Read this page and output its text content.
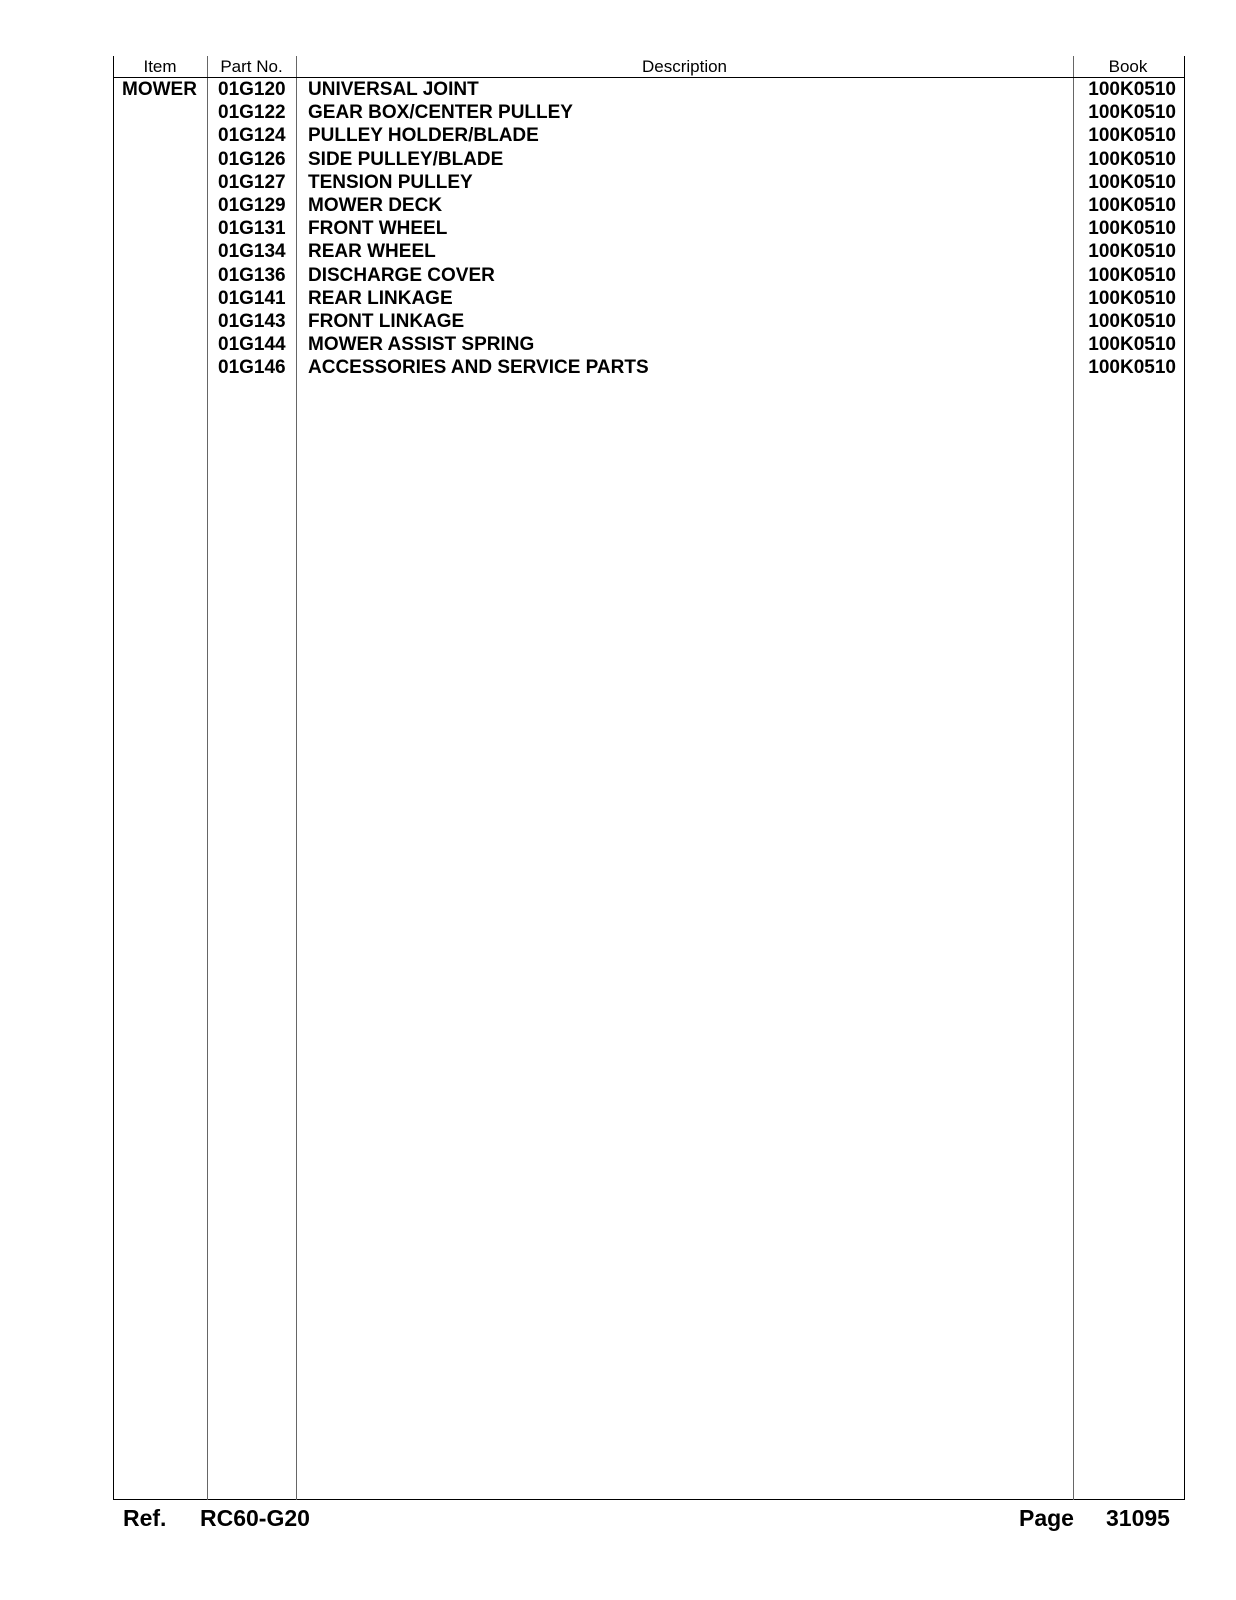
Item	Part No.	Description	Book
MOWER 01G120 UNIVERSAL JOINT	100K0510
01G122 GEAR BOX/CENTER PULLEY	100K0510
01G124 PULLEY HOLDER/BLADE	100K0510
01G126 SIDE PULLEY/BLADE	100K0510
01G127 TENSION PULLEY	100K0510
01G129 MOWER DECK	100K0510
01G131 FRONT WHEEL	100K0510
01G134 REAR WHEEL	100K0510
01G136 DISCHARGE COVER	100K0510
01G141 REAR LINKAGE	100K0510
01G143 FRONT LINKAGE	100K0510
01G144 MOWER ASSIST SPRING	100K0510
01G146 ACCESSORIES AND SERVICE PARTS	100K0510
Ref. RC60-G20	Page 31095
